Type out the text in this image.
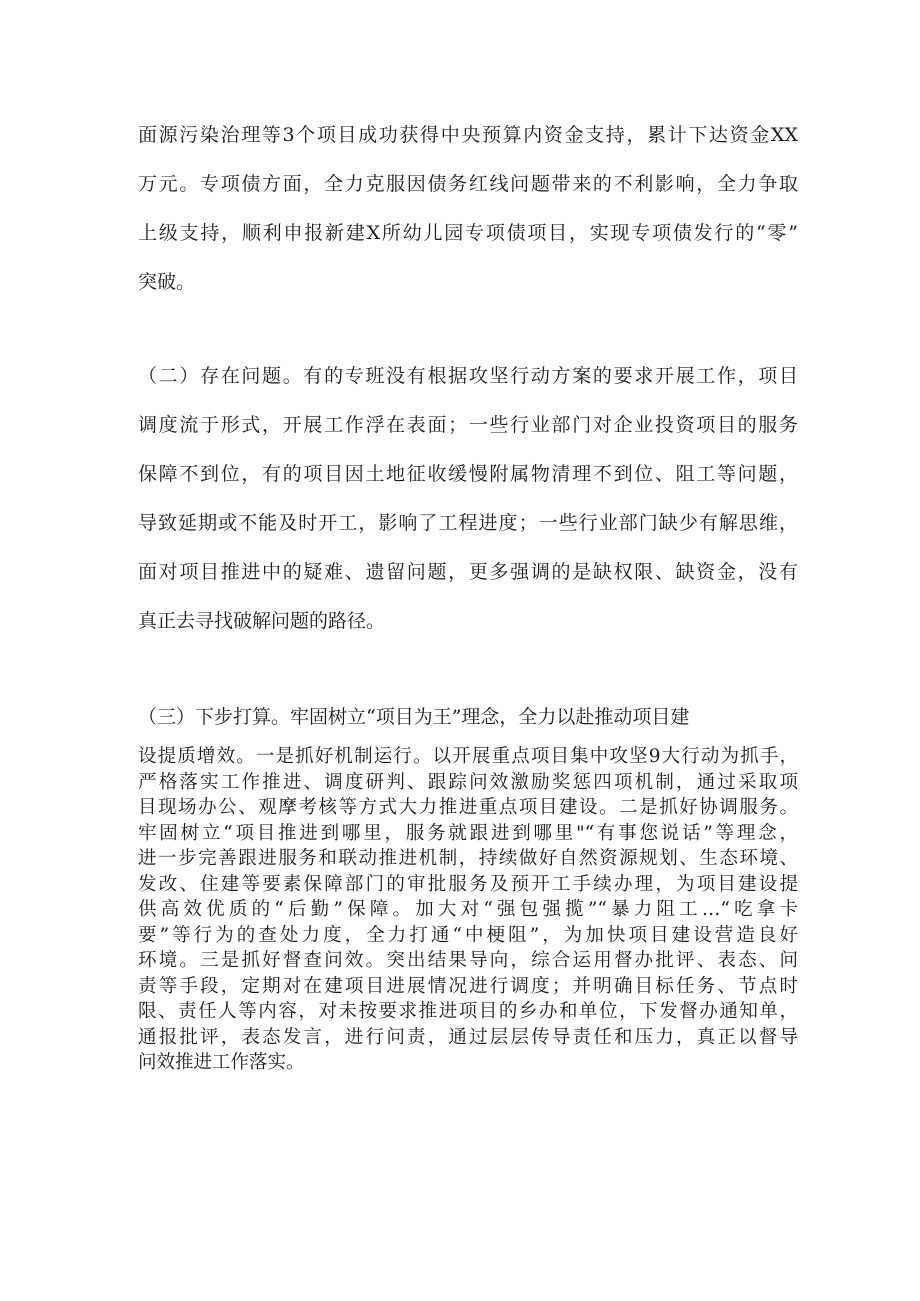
面源污染治理等3个项目成功获得中央预算内资金支持，累计下达资金XX
万元。专项债方面，全力克服因债务红线问题带来的不利影响，全力争取
上级支持，顺利申报新建X所幼儿园专项债项目，实现专项债发行的“零”
突破。
（二）存在问题。有的专班没有根据攻坚行动方案的要求开展工作，项目
调度流于形式，开展工作浮在表面；一些行业部门对企业投资项目的服务
保障不到位，有的项目因土地征收缓慢附属物清理不到位、阻工等问题，
导致延期或不能及时开工，影响了工程进度；一些行业部门缺少有解思维，
面对项目推进中的疑难、遗留问题，更多强调的是缺权限、缺资金，没有
真正去寻找破解问题的路径。
（三）下步打算。牢固树立“项目为王”理念，全力以赴推动项目建
设提质增效。一是抓好机制运行。以开展重点项目集中攻坚9大行动为抓手，
严格落实工作推进、调度研判、跟踪问效激励奖惩四项机制，通过采取项
目现场办公、观摩考核等方式大力推进重点项目建设。二是抓好协调服务。
牢固树立“项目推进到哪里，服务就跟进到哪里"“有事您说话”等理念，
进一步完善跟进服务和联动推进机制，持续做好自然资源规划、生态环境、
发改、住建等要素保障部门的审批服务及预开工手续办理，为项目建设提
供高效优质的“后勤”保障。加大对“强包强揽”“暴力阻工…“吃拿卡
要”等行为的查处力度，全力打通“中梗阻”，为加快项目建设营造良好
环境。三是抓好督查问效。突出结果导向，综合运用督办批评、表态、问
责等手段，定期对在建项目进展情况进行调度；并明确目标任务、节点时
限、责任人等内容，对未按要求推进项目的乡办和单位，下发督办通知单，
通报批评，表态发言，进行问责，通过层层传导责任和压力，真正以督导
问效推进工作落实。
